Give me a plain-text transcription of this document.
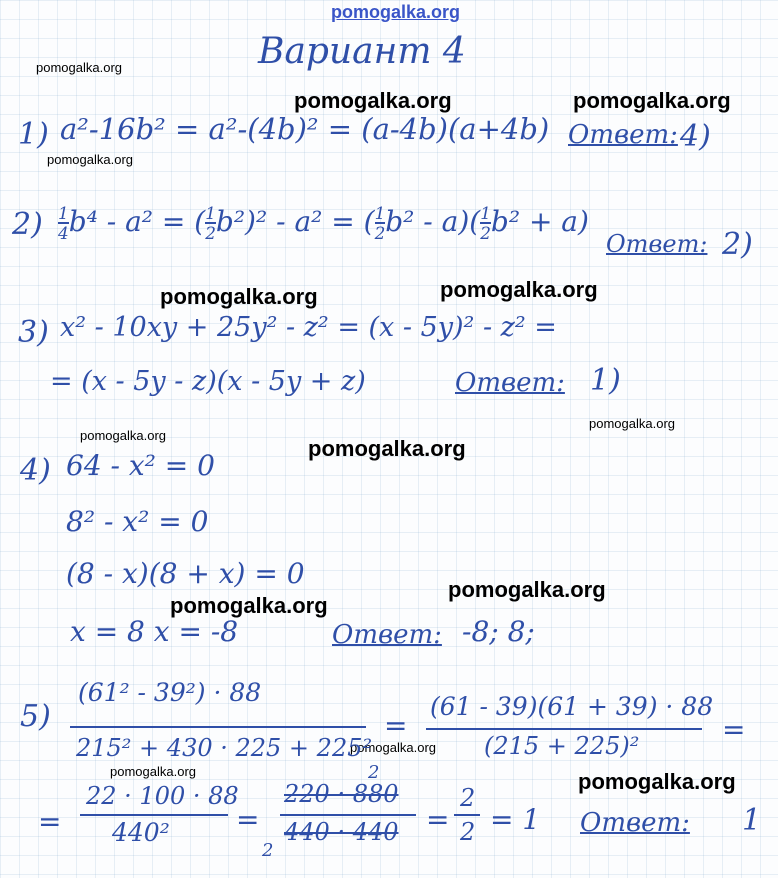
pomogalka.org
pomogalka.org
pomogalka.org	pomogalka.org
pomogalka.org
pomogalka.org	pomogalka.org
pomogalka.org
pomogalka.org
pomogalka.org
pomogalka.org
pomogalka.org
pomogalka.org
pomogalka.org	pomogalka.org
Вариант 4
1) a²-16b² = a²-(4b)² = (a-4b)(a+4b) Ответ: 4)
$2) \frac{1}{4} b^4 - a^2$ = ( $\frac{1}{2} b^2)^2 - a^2$ = ( $\frac{1}{2} b^2 - a)( \frac{1}{2} b^2 + a)$
Ответ: 2)
3) x² - 10xy + 25y² - z² = (x - 5y)² - z² =
= (x - 5y - z)(x - 5y + z)	Ответ: 1)
4) 64 - x² = 0
8² - x² = 0
(8 - x)(8 + x) = 0
x = 8 x = -8	Ответ: -8; 8;
5)
(61² - 39²) · 88
215² + 430 · 225 + 225²
=
(61 - 39)(61 + 39) · 88
(215 + 225)²	=
=
22 · 100 · 88
440² =
2
220 · 880
2
440 · 440 =
2
2 = 1 Ответ: 1
